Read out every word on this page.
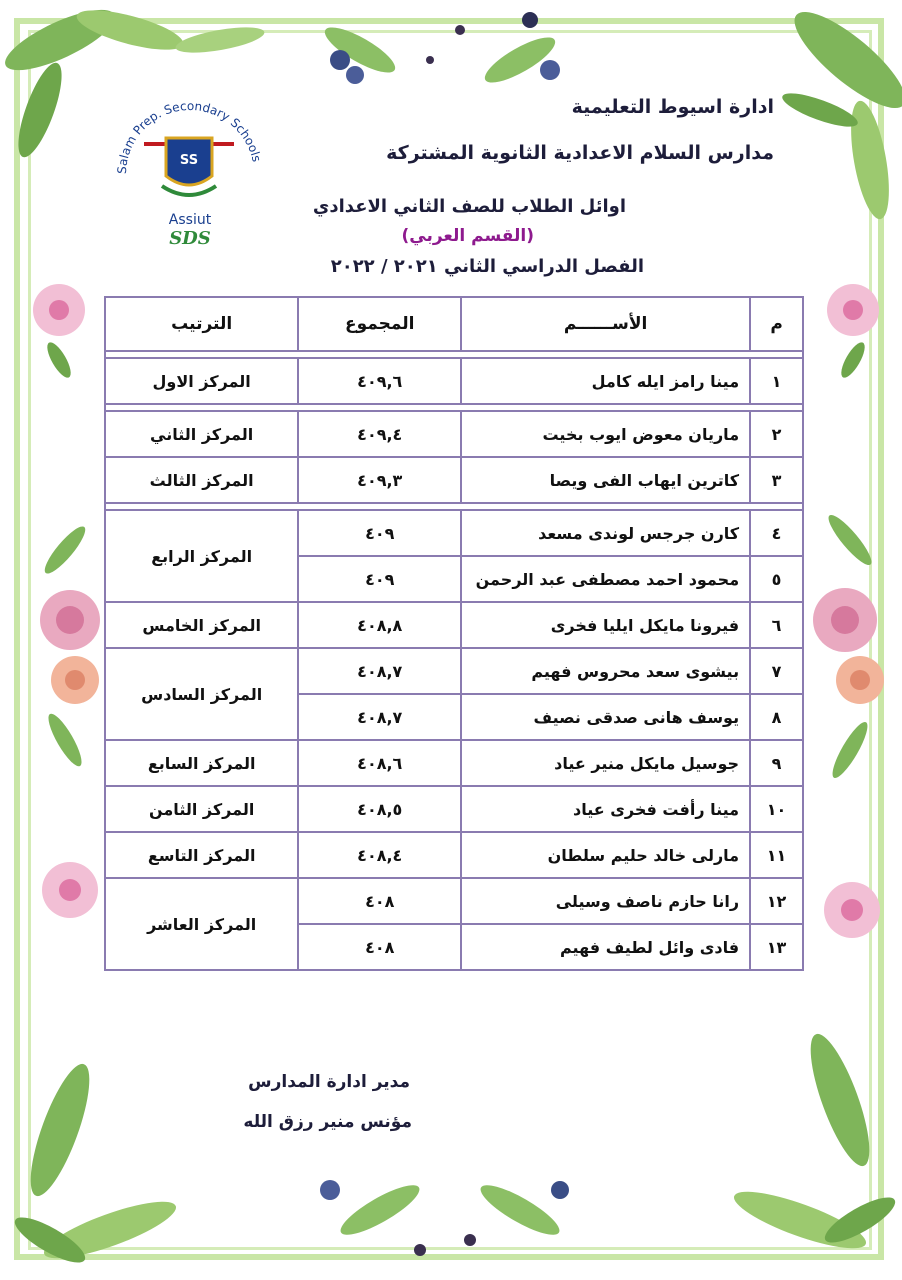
Salam Prep. Secondary Schools
SS
Assiut
SDS
ادارة اسيوط التعليمية
مدارس السلام الاعدادية الثانوية المشتركة
اوائل الطلاب للصف الثاني الاعدادي
(القسم العربي)
الفصل الدراسي الثاني ٢٠٢١ / ٢٠٢٢
م	الأســــــم	المجموع	الترتيب

١	مينا رامز ايله كامل	٤٠٩,٦	المركز الاول

٢	ماريان معوض ايوب بخيت	٤٠٩,٤	المركز الثاني
٣	كاترين ايهاب الفى ويصا	٤٠٩,٣	المركز الثالث

٤	كارن جرجس لوندى مسعد	٤٠٩	المركز الرابع
٥	محمود احمد مصطفى عبد الرحمن	٤٠٩	
٦	فيرونا مايكل ايليا فخرى	٤٠٨,٨	المركز الخامس
٧	بيشوى سعد محروس فهيم	٤٠٨,٧	المركز السادس
٨	يوسف هانى صدقى نصيف	٤٠٨,٧	
٩	جوسيل مايكل منير عياد	٤٠٨,٦	المركز السابع
١٠	مينا رأفت فخرى عياد	٤٠٨,٥	المركز الثامن
١١	مارلى خالد حليم سلطان	٤٠٨,٤	المركز التاسع
١٢	رانا حازم ناصف وسيلى	٤٠٨	المركز العاشر
١٣	فادى وائل لطيف فهيم	٤٠٨	
مدير ادارة المدارس
مؤنس منير رزق الله
